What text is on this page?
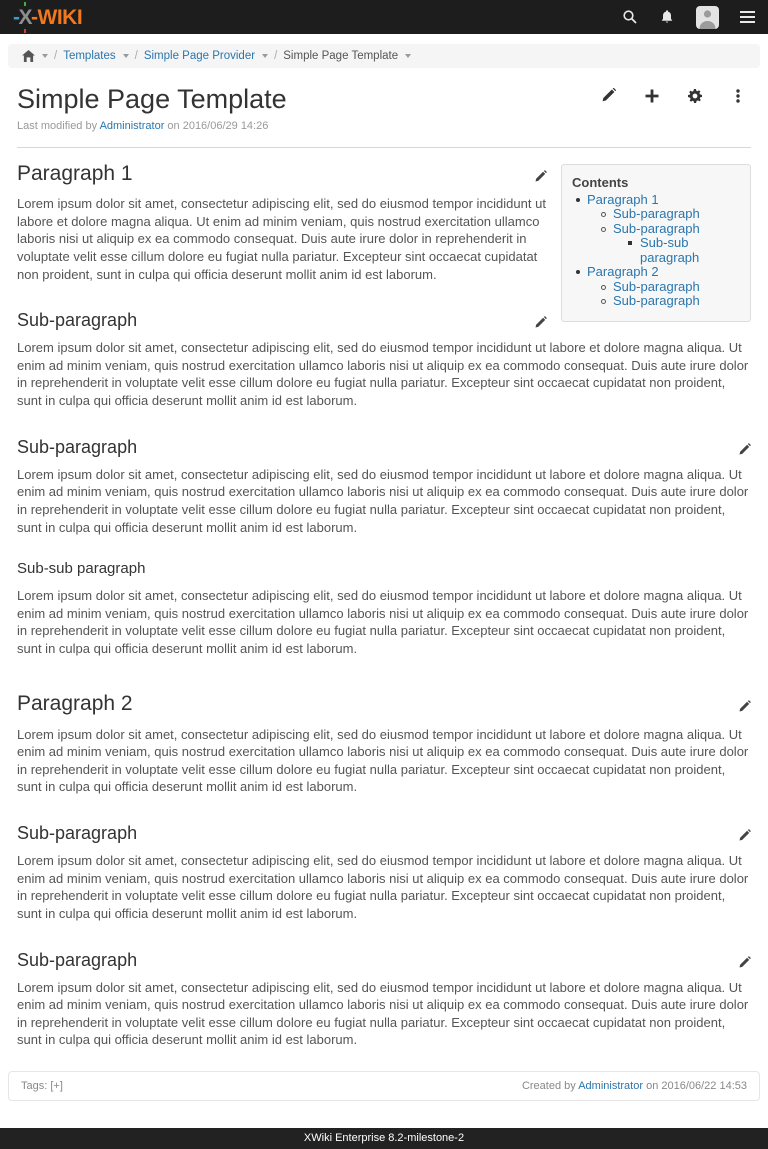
- X - WIKI
/ Templates / Simple Page Provider / Simple Page Template
Simple Page Template
Last modified by Administrator on 2016/06/29 14:26
Contents
Paragraph 1
Sub-paragraph
Sub-paragraph
Sub-sub paragraph
Paragraph 2
Sub-paragraph
Sub-paragraph
Paragraph 1

Lorem ipsum dolor sit amet, consectetur adipiscing elit, sed do eiusmod tempor incididunt ut labore et dolore magna aliqua. Ut enim ad minim veniam, quis nostrud exercitation ullamco laboris nisi ut aliquip ex ea commodo consequat. Duis aute irure dolor in reprehenderit in voluptate velit esse cillum dolore eu fugiat nulla pariatur. Excepteur sint occaecat cupidatat non proident, sunt in culpa qui officia deserunt mollit anim id est laborum.

Sub-paragraph

Lorem ipsum dolor sit amet, consectetur adipiscing elit, sed do eiusmod tempor incididunt ut labore et dolore magna aliqua. Ut enim ad minim veniam, quis nostrud exercitation ullamco laboris nisi ut aliquip ex ea commodo consequat. Duis aute irure dolor in reprehenderit in voluptate velit esse cillum dolore eu fugiat nulla pariatur. Excepteur sint occaecat cupidatat non proident, sunt in culpa qui officia deserunt mollit anim id est laborum.

Sub-paragraph

Lorem ipsum dolor sit amet, consectetur adipiscing elit, sed do eiusmod tempor incididunt ut labore et dolore magna aliqua. Ut enim ad minim veniam, quis nostrud exercitation ullamco laboris nisi ut aliquip ex ea commodo consequat. Duis aute irure dolor in reprehenderit in voluptate velit esse cillum dolore eu fugiat nulla pariatur. Excepteur sint occaecat cupidatat non proident, sunt in culpa qui officia deserunt mollit anim id est laborum.

Sub-sub paragraph

Lorem ipsum dolor sit amet, consectetur adipiscing elit, sed do eiusmod tempor incididunt ut labore et dolore magna aliqua. Ut enim ad minim veniam, quis nostrud exercitation ullamco laboris nisi ut aliquip ex ea commodo consequat. Duis aute irure dolor in reprehenderit in voluptate velit esse cillum dolore eu fugiat nulla pariatur. Excepteur sint occaecat cupidatat non proident, sunt in culpa qui officia deserunt mollit anim id est laborum.

Paragraph 2

Lorem ipsum dolor sit amet, consectetur adipiscing elit, sed do eiusmod tempor incididunt ut labore et dolore magna aliqua. Ut enim ad minim veniam, quis nostrud exercitation ullamco laboris nisi ut aliquip ex ea commodo consequat. Duis aute irure dolor in reprehenderit in voluptate velit esse cillum dolore eu fugiat nulla pariatur. Excepteur sint occaecat cupidatat non proident, sunt in culpa qui officia deserunt mollit anim id est laborum.

Sub-paragraph

Lorem ipsum dolor sit amet, consectetur adipiscing elit, sed do eiusmod tempor incididunt ut labore et dolore magna aliqua. Ut enim ad minim veniam, quis nostrud exercitation ullamco laboris nisi ut aliquip ex ea commodo consequat. Duis aute irure dolor in reprehenderit in voluptate velit esse cillum dolore eu fugiat nulla pariatur. Excepteur sint occaecat cupidatat non proident, sunt in culpa qui officia deserunt mollit anim id est laborum.

Sub-paragraph

Lorem ipsum dolor sit amet, consectetur adipiscing elit, sed do eiusmod tempor incididunt ut labore et dolore magna aliqua. Ut enim ad minim veniam, quis nostrud exercitation ullamco laboris nisi ut aliquip ex ea commodo consequat. Duis aute irure dolor in reprehenderit in voluptate velit esse cillum dolore eu fugiat nulla pariatur. Excepteur sint occaecat cupidatat non proident, sunt in culpa qui officia deserunt mollit anim id est laborum.

Tags: [+]	Created by Administrator on 2016/06/22 14:53
XWiki Enterprise 8.2-milestone-2
